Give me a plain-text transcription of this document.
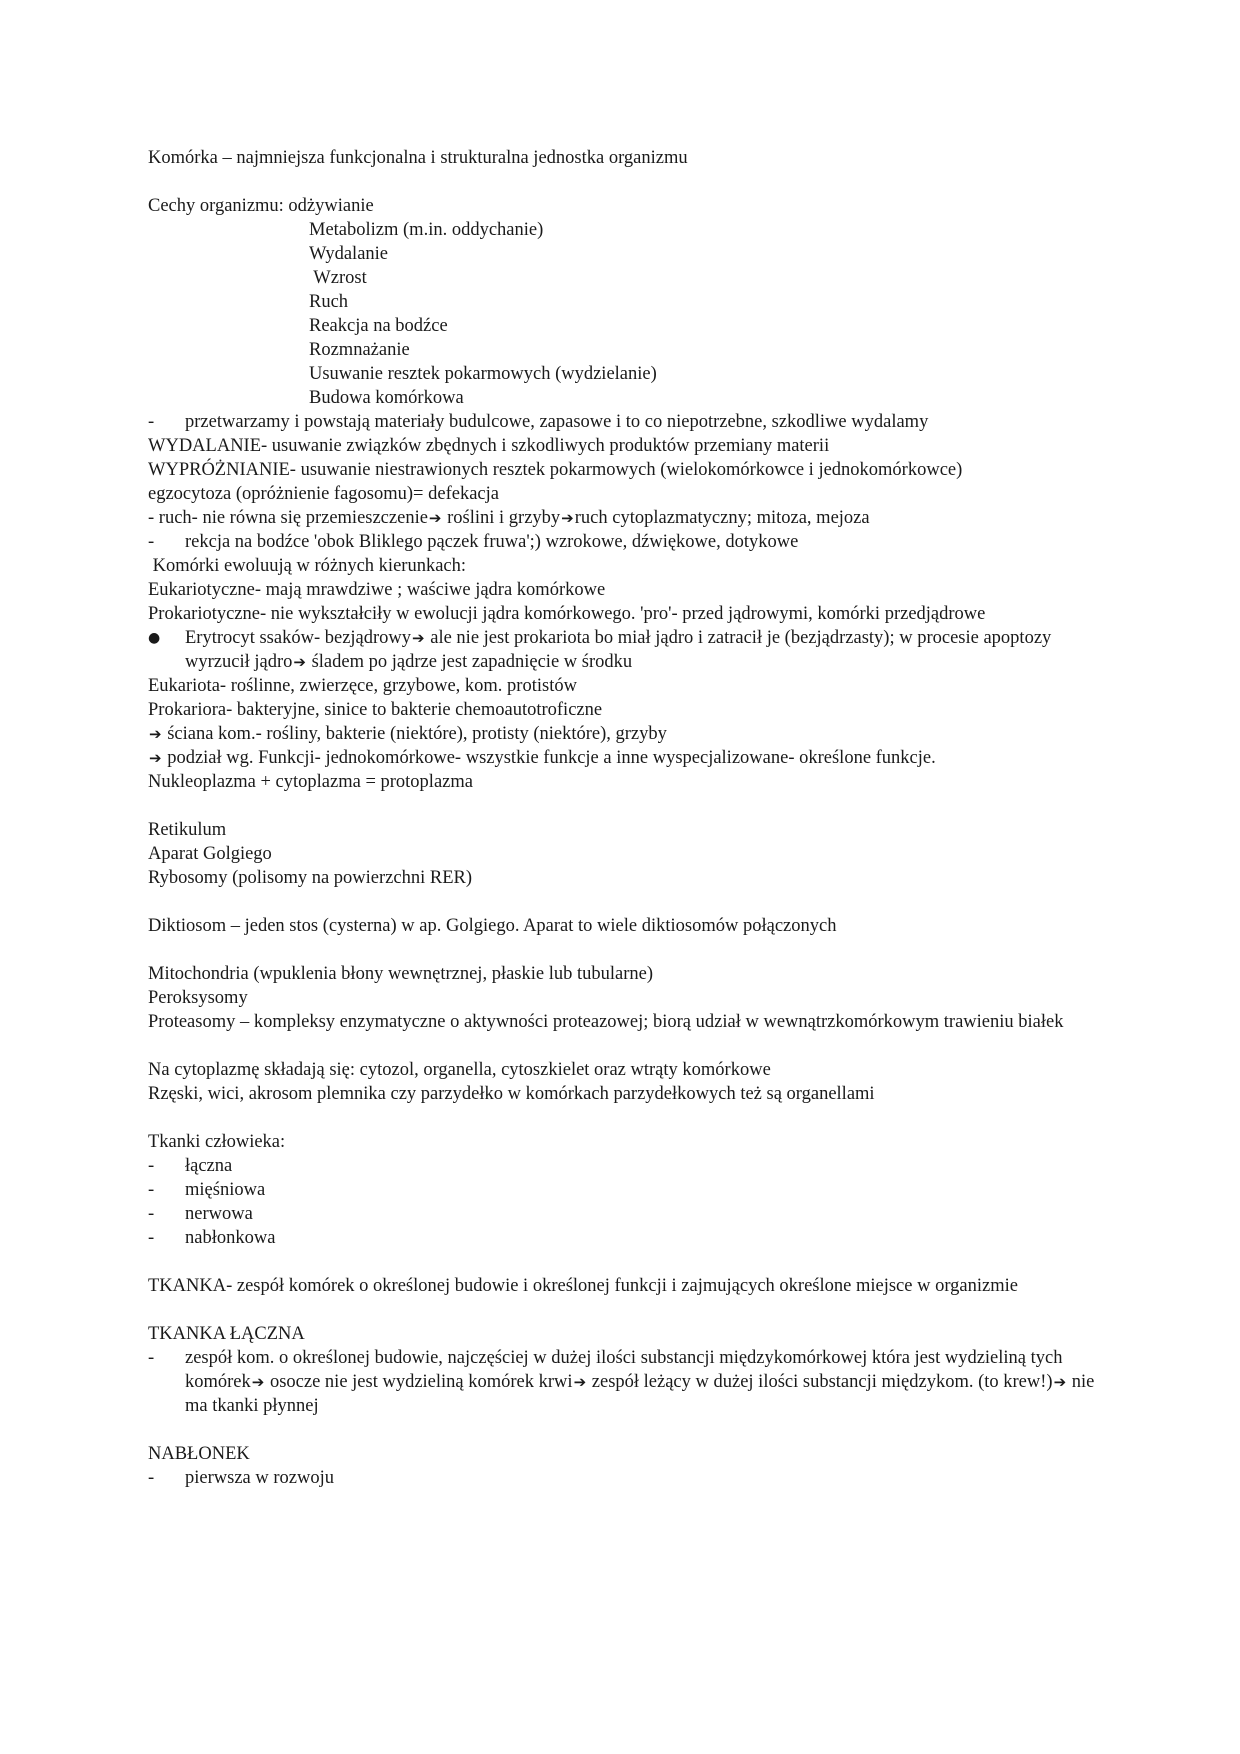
Komórka – najmniejsza funkcjonalna i strukturalna jednostka organizmu
Cechy organizmu: odżywianie
Metabolizm (m.in. oddychanie)
Wydalanie
Wzrost
Ruch
Reakcja na bodźce
Rozmnażanie
Usuwanie resztek pokarmowych (wydzielanie)
Budowa komórkowa
-	przetwarzamy i powstają materiały budulcowe, zapasowe i to co niepotrzebne, szkodliwe wydalamy
WYDALANIE- usuwanie związków zbędnych i szkodliwych produktów przemiany materii
WYPRÓŻNIANIE- usuwanie niestrawionych resztek pokarmowych (wielokomórkowce i jednokomórkowce)
egzocytoza (opróżnienie fagosomu)= defekacja
- ruch- nie równa się przemieszczenie➔ roślini i grzyby➔ruch cytoplazmatyczny; mitoza, mejoza
-	rekcja na bodźce 'obok Bliklego pączek fruwa';) wzrokowe, dźwiękowe, dotykowe
Komórki ewoluują w różnych kierunkach:
Eukariotyczne- mają mrawdziwe ; waściwe jądra komórkowe
Prokariotyczne- nie wykształciły w ewolucji jądra komórkowego. 'pro'- przed jądrowymi, komórki przedjądrowe
●	Erytrocyt ssaków- bezjądrowy➔ ale nie jest prokariota bo miał jądro i zatracił je (bezjądrzasty); w procesie apoptozy wyrzucił jądro➔ śladem po jądrze jest zapadnięcie w środku
Eukariota- roślinne, zwierzęce, grzybowe, kom. protistów
Prokariora- bakteryjne, sinice to bakterie chemoautotroficzne
➔ ściana kom.- rośliny, bakterie (niektóre), protisty (niektóre), grzyby
➔ podział wg. Funkcji- jednokomórkowe- wszystkie funkcje a inne wyspecjalizowane- określone funkcje.
Nukleoplazma + cytoplazma = protoplazma
Retikulum
Aparat Golgiego
Rybosomy (polisomy na powierzchni RER)
Diktiosom – jeden stos (cysterna) w ap. Golgiego. Aparat to wiele diktiosomów połączonych
Mitochondria (wpuklenia błony wewnętrznej, płaskie lub tubularne)
Peroksysomy
Proteasomy – kompleksy enzymatyczne o aktywności proteazowej; biorą udział w wewnątrzkomórkowym trawieniu białek
Na cytoplazmę składają się: cytozol, organella, cytoszkielet oraz wtrąty komórkowe
Rzęski, wici, akrosom plemnika czy parzydełko w komórkach parzydełkowych też są organellami
Tkanki człowieka:
-	łączna
-	mięśniowa
-	nerwowa
-	nabłonkowa
TKANKA- zespół komórek o określonej budowie i określonej funkcji i zajmujących określone miejsce w organizmie
TKANKA ŁĄCZNA
-	zespół kom. o określonej budowie, najczęściej w dużej ilości substancji międzykomórkowej która jest wydzieliną tych komórek➔ osocze nie jest wydzieliną komórek krwi➔ zespół leżący w dużej ilości substancji międzykom. (to krew!)➔ nie ma tkanki płynnej
NABŁONEK
-	pierwsza w rozwoju
